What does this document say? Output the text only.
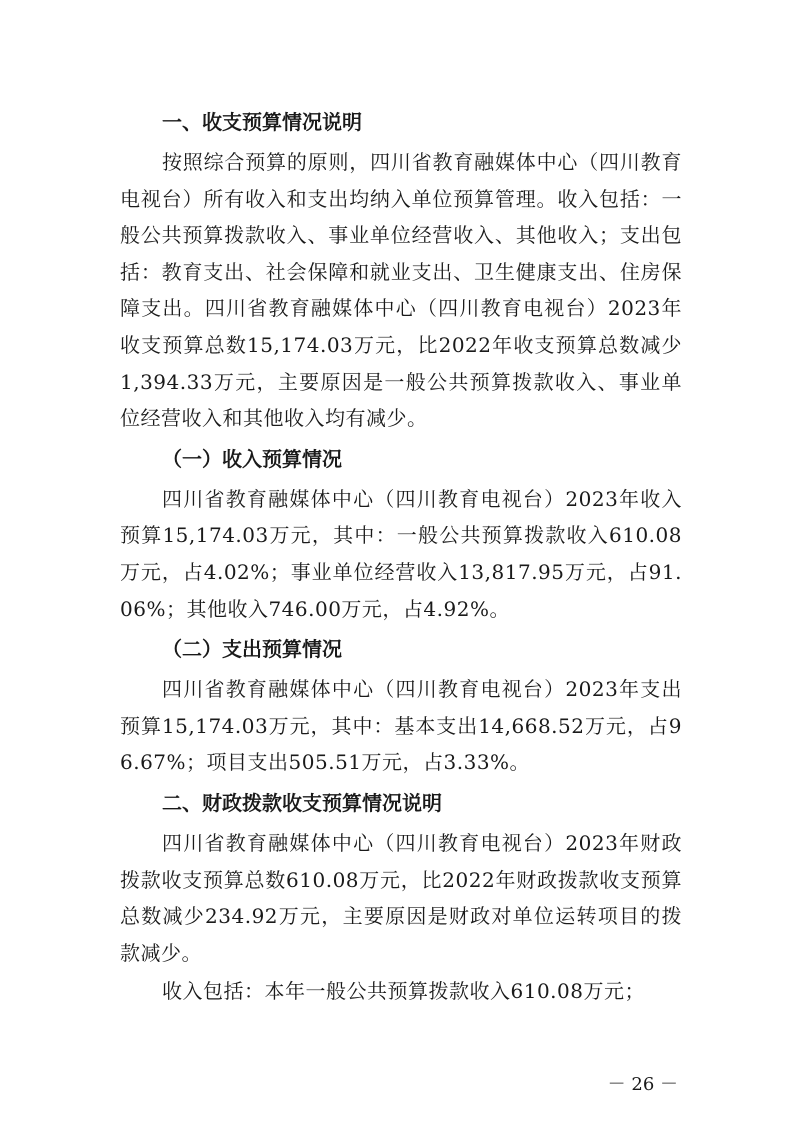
一、收支预算情况说明

按照综合预算的原则，四川省教育融媒体中心（四川教育电视台）所有收入和支出均纳入单位预算管理。收入包括：一般公共预算拨款收入、事业单位经营收入、其他收入；支出包括：教育支出、社会保障和就业支出、卫生健康支出、住房保障支出。四川省教育融媒体中心（四川教育电视台）2023年收支预算总数15,174.03万元，比2022年收支预算总数减少1,394.33万元，主要原因是一般公共预算拨款收入、事业单位经营收入和其他收入均有减少。

（一）收入预算情况

四川省教育融媒体中心（四川教育电视台）2023年收入预算15,174.03万元，其中：一般公共预算拨款收入610.08万元，占4.02%；事业单位经营收入13,817.95万元，占91.06%；其他收入746.00万元，占4.92%。

（二）支出预算情况

四川省教育融媒体中心（四川教育电视台）2023年支出预算15,174.03万元，其中：基本支出14,668.52万元，占96.67%；项目支出505.51万元，占3.33%。

二、财政拨款收支预算情况说明

四川省教育融媒体中心（四川教育电视台）2023年财政拨款收支预算总数610.08万元，比2022年财政拨款收支预算总数减少234.92万元，主要原因是财政对单位运转项目的拨款减少。

收入包括：本年一般公共预算拨款收入610.08万元；

－ 26 －
